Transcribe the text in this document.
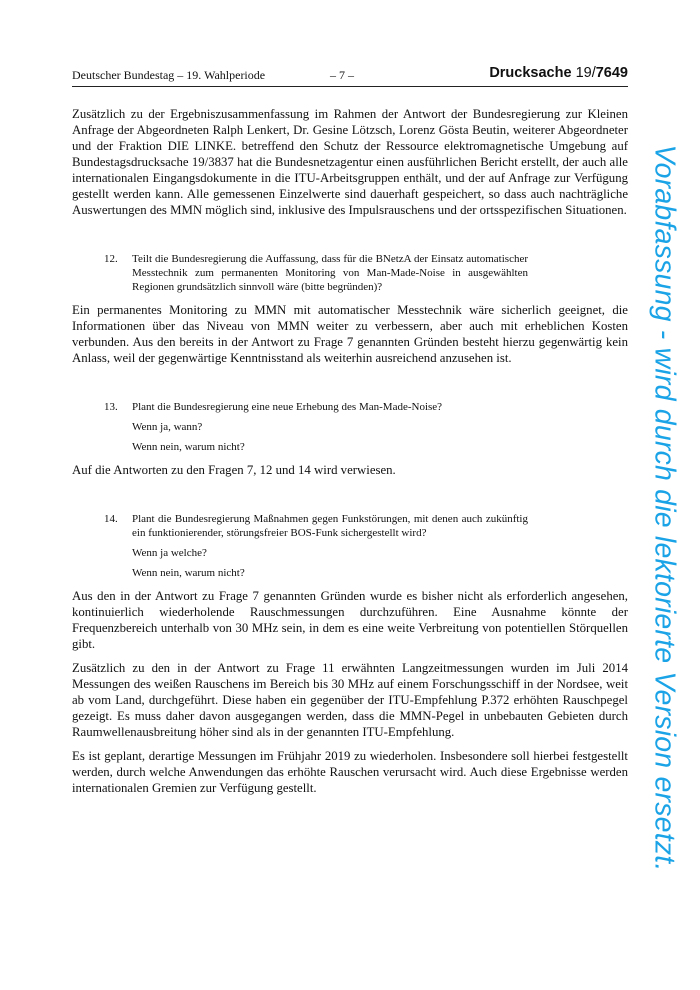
Deutscher Bundestag – 19. Wahlperiode	– 7 –	Drucksache 19/7649

Zusätzlich zu der Ergebniszusammenfassung im Rahmen der Antwort der Bundesregierung zur Kleinen Anfrage der Abgeordneten Ralph Lenkert, Dr. Gesine Lötzsch, Lorenz Gösta Beutin, weiterer Abgeordneter und der Fraktion DIE LINKE. betreffend den Schutz der Ressource elektromagnetische Umgebung auf Bundestagsdrucksache 19/3837 hat die Bundesnetzagentur einen ausführlichen Bericht erstellt, der auch alle internationalen Eingangsdokumente in die ITU-Arbeitsgruppen enthält, und der auf Anfrage zur Verfügung gestellt werden kann. Alle gemessenen Einzelwerte sind dauerhaft gespeichert, so dass auch nachträgliche Auswertungen des MMN möglich sind, inklusive des Impulsrauschens und der ortsspezifischen Situationen.

12. Teilt die Bundesregierung die Auffassung, dass für die BNetzA der Einsatz automatischer Messtechnik zum permanenten Monitoring von Man-Made-Noise in ausgewählten Regionen grundsätzlich sinnvoll wäre (bitte begründen)?

Ein permanentes Monitoring zu MMN mit automatischer Messtechnik wäre sicherlich geeignet, die Informationen über das Niveau von MMN weiter zu verbessern, aber auch mit erheblichen Kosten verbunden. Aus den bereits in der Antwort zu Frage 7 genannten Gründen besteht hierzu gegenwärtig kein Anlass, weil der gegenwärtige Kenntnisstand als weiterhin ausreichend anzusehen ist.

13. Plant die Bundesregierung eine neue Erhebung des Man-Made-Noise?
Wenn ja, wann?
Wenn nein, warum nicht?

Auf die Antworten zu den Fragen 7, 12 und 14 wird verwiesen.

14. Plant die Bundesregierung Maßnahmen gegen Funkstörungen, mit denen auch zukünftig ein funktionierender, störungsfreier BOS-Funk sichergestellt wird?
Wenn ja welche?
Wenn nein, warum nicht?

Aus den in der Antwort zu Frage 7 genannten Gründen wurde es bisher nicht als erforderlich angesehen, kontinuierlich wiederholende Rauschmessungen durchzuführen. Eine Ausnahme könnte der Frequenzbereich unterhalb von 30 MHz sein, in dem es eine weite Verbreitung von potentiellen Störquellen gibt.

Zusätzlich zu den in der Antwort zu Frage 11 erwähnten Langzeitmessungen wurden im Juli 2014 Messungen des weißen Rauschens im Bereich bis 30 MHz auf einem Forschungsschiff in der Nordsee, weit ab vom Land, durchgeführt. Diese haben ein gegenüber der ITU-Empfehlung P.372 erhöhten Rauschpegel gezeigt. Es muss daher davon ausgegangen werden, dass die MMN-Pegel in unbebauten Gebieten durch Raumwellenausbreitung höher sind als in der genannten ITU-Empfehlung.

Es ist geplant, derartige Messungen im Frühjahr 2019 zu wiederholen. Insbesondere soll hierbei festgestellt werden, durch welche Anwendungen das erhöhte Rauschen verursacht wird. Auch diese Ergebnisse werden internationalen Gremien zur Verfügung gestellt.	Vorabfassung - wird durch die lektorierte Version ersetzt.
